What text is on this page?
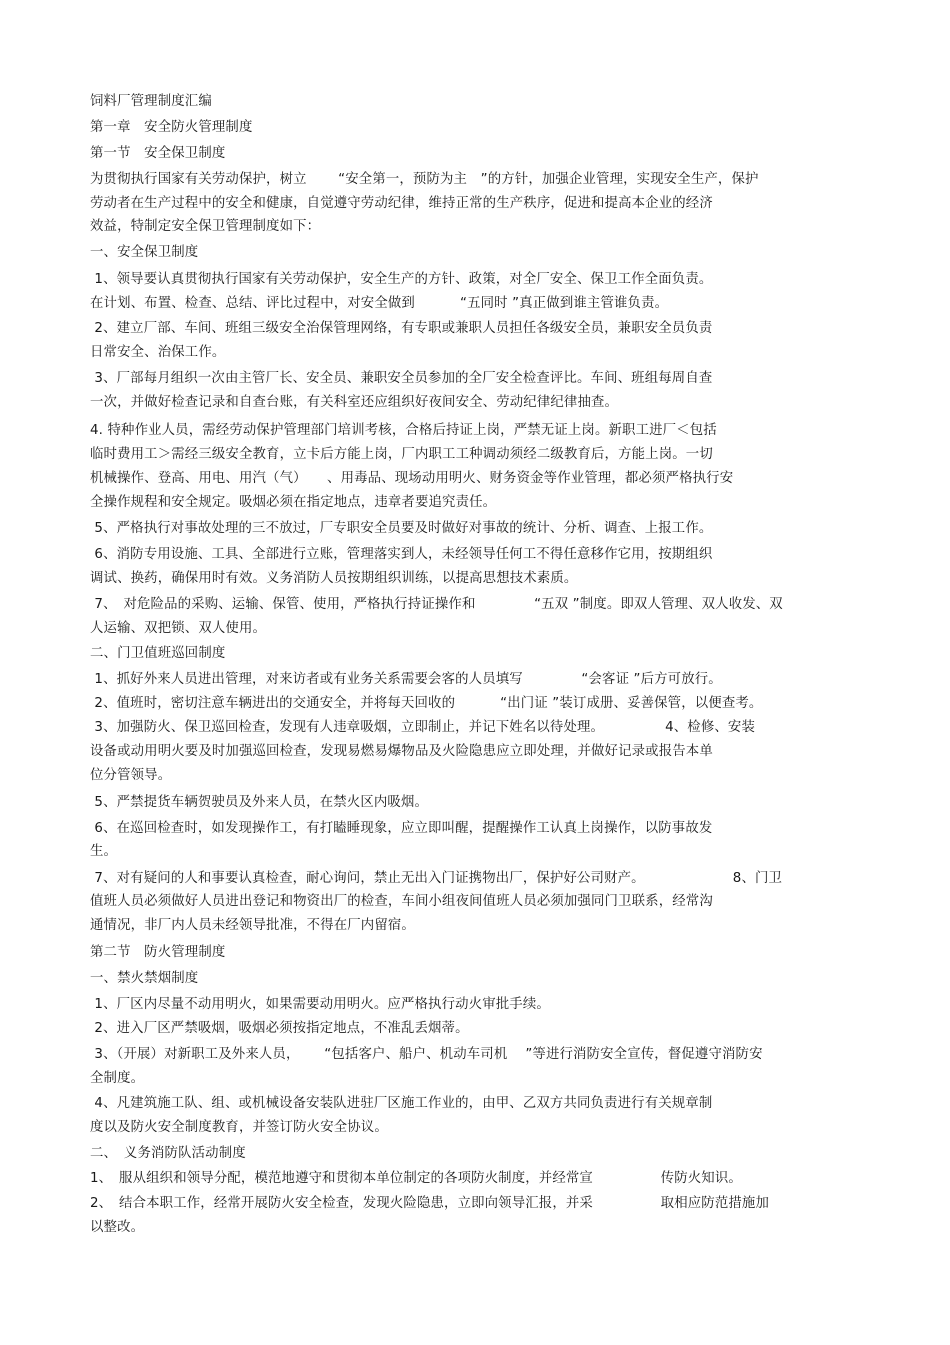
饲料厂管理制度汇编
第一章　安全防火管理制度
第一节　安全保卫制度
为贯彻执行国家有关劳动保护，树立　　 “安全第一，预防为主　”的方针，加强企业管理，实现安全生产，保护
劳动者在生产过程中的安全和健康，自觉遵守劳动纪律，维持正常的生产秩序，促进和提高本企业的经济
效益，特制定安全保卫管理制度如下：
一、安全保卫制度
1、领导要认真贯彻执行国家有关劳动保护，安全生产的方针、政策，对全厂安全、保卫工作全面负责。
在计划、布置、检查、总结、评比过程中，对安全做到　　　 “五同时 ”真正做到谁主管谁负责。
2、建立厂部、车间、班组三级安全治保管理网络，有专职或兼职人员担任各级安全员，兼职安全员负责
日常安全、治保工作。
3、厂部每月组织一次由主管厂长、安全员、兼职安全员参加的全厂安全检查评比。车间、班组每周自查
一次，并做好检查记录和自查台账，有关科室还应组织好夜间安全、劳动纪律纪律抽查。
4. 特种作业人员，需经劳动保护管理部门培训考核，合格后持证上岗，严禁无证上岗。新职工进厂＜包括
临时费用工＞需经三级安全教育，立卡后方能上岗，厂内职工工种调动须经二级教育后，方能上岗。一切
机械操作、登高、用电、用汽（气）　　、用毒品、现场动用明火、财务资金等作业管理，都必须严格执行安
全操作规程和安全规定。吸烟必须在指定地点，违章者要追究责任。
5、严格执行对事故处理的三不放过，厂专职安全员要及时做好对事故的统计、分析、调查、上报工作。
6、消防专用设施、工具、全部进行立账，管理落实到人，未经领导任何工不得任意移作它用，按期组织
调试、换药，确保用时有效。义务消防人员按期组织训练，以提高思想技术素质。
7、　对危险品的采购、运输、保管、使用，严格执行持证操作和　　　　 “五双 ”制度。即双人管理、双人收发、双
人运输、双把锁、双人使用。
二、门卫值班巡回制度
1、抓好外来人员进出管理，对来访者或有业务关系需要会客的人员填写　　　　 “会客证 ”后方可放行。
2、值班时，密切注意车辆进出的交通安全，并将每天回收的　　　 “出门证 ”装订成册、妥善保管，以便查考。
3、加强防火、保卫巡回检查，发现有人违章吸烟，立即制止，并记下姓名以待处理。　　　　　4、检修、安装
设备或动用明火要及时加强巡回检查，发现易燃易爆物品及火险隐患应立即处理，并做好记录或报告本单
位分管领导。
5、严禁提货车辆贺驶员及外来人员，在禁火区内吸烟。
6、在巡回检查时，如发现操作工，有打瞌睡现象，应立即叫醒，提醒操作工认真上岗操作，以防事故发
生。
7、对有疑问的人和事要认真检查，耐心询问，禁止无出入门证携物出厂，保护好公司财产。　　　　　　　8、门卫
值班人员必须做好人员进出登记和物资出厂的检查，车间小组夜间值班人员必须加强同门卫联系，经常沟
通情况，非厂内人员未经领导批准，不得在厂内留宿。
第二节　防火管理制度
一、禁火禁烟制度
1、厂区内尽量不动用明火，如果需要动用明火。应严格执行动火审批手续。
2、进入厂区严禁吸烟，吸烟必须按指定地点，不准乱丢烟蒂。
3、（开展）对新职工及外来人员，　　 “包括客户、船户、机动车司机　 ”等进行消防安全宣传，督促遵守消防安
全制度。
4、凡建筑施工队、组、或机械设备安装队进驻厂区施工作业的，由甲、乙双方共同负责进行有关规章制
度以及防火安全制度教育，并签订防火安全协议。
二、　义务消防队活动制度
1、　服从组织和领导分配，模范地遵守和贯彻本单位制定的各项防火制度，并经常宣　　　　　传防火知识。
2、　结合本职工作，经常开展防火安全检查，发现火险隐患，立即向领导汇报，并采　　　　　取相应防范措施加
以整改。
